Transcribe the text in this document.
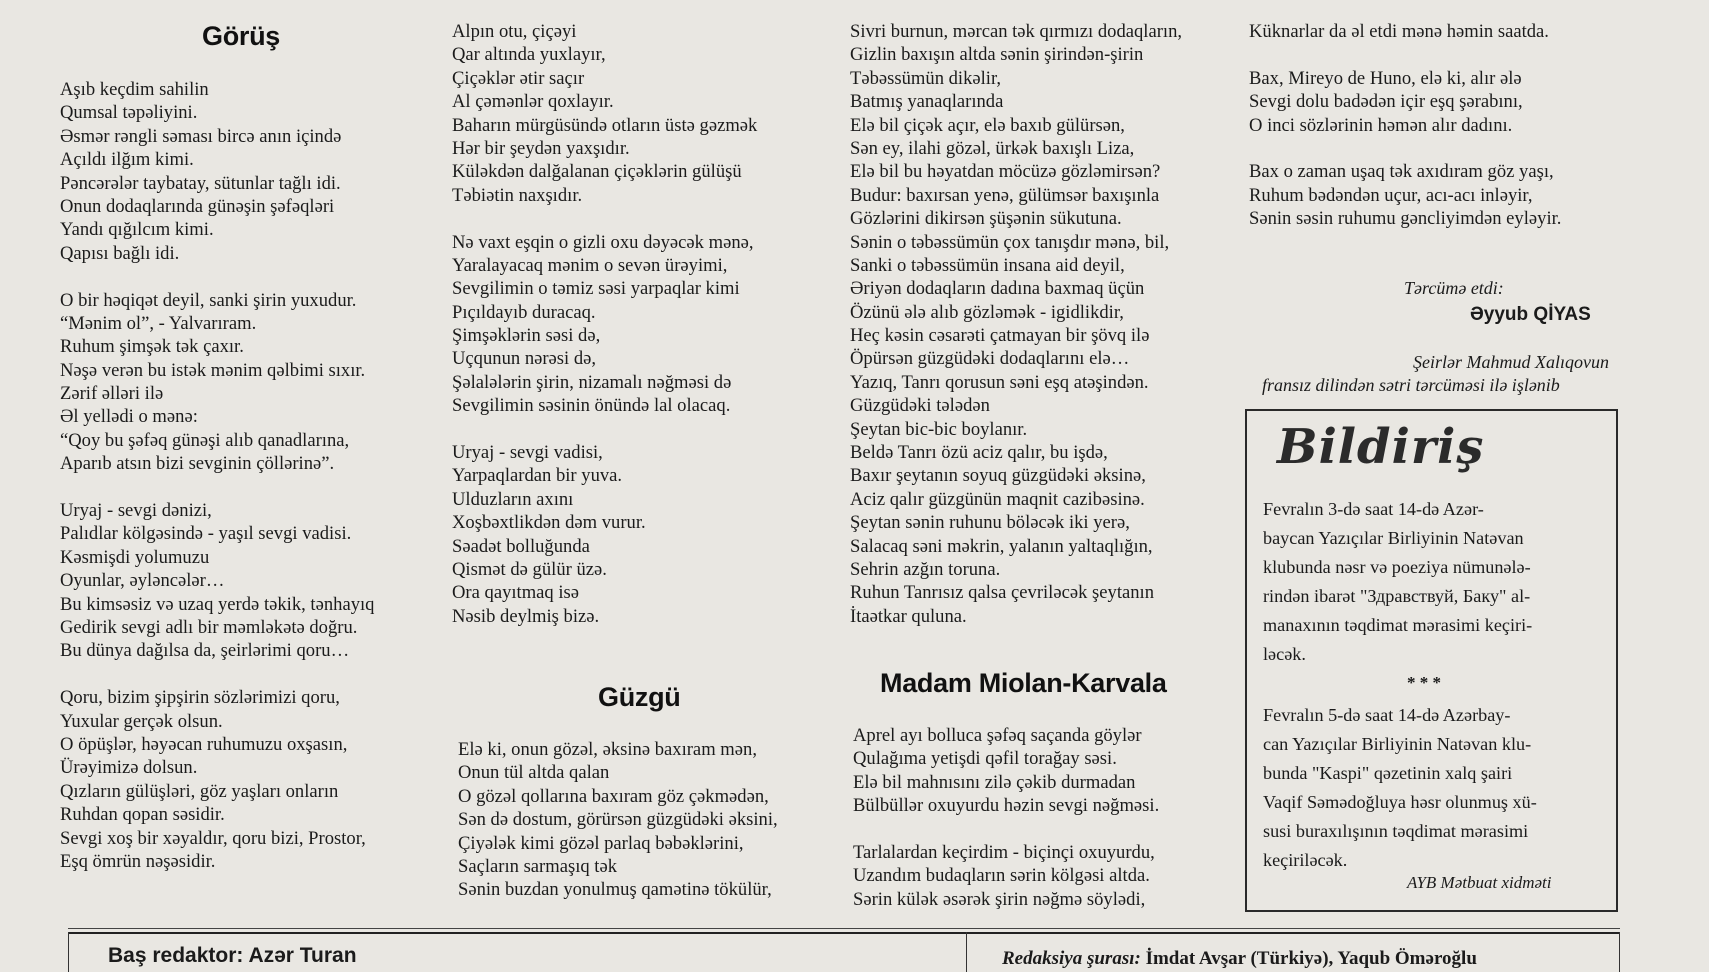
Görüş
Aşıb keçdim sahilin
Qumsal təpəliyini.
Əsmər rəngli səması bircə anın içində
Açıldı ilğım kimi.
Pəncərələr taybatay, sütunlar tağlı idi.
Onun dodaqlarında günəşin şəfəqləri
Yandı qığılcım kimi.
Qapısı bağlı idi.
O bir həqiqət deyil, sanki şirin yuxudur.
“Mənim ol”, - Yalvarıram.
Ruhum şimşək tək çaxır.
Nəşə verən bu istək mənim qəlbimi sıxır.
Zərif əlləri ilə
Əl yellədi o mənə:
“Qoy bu şəfəq günəşi alıb qanadlarına,
Aparıb atsın bizi sevginin çöllərinə”.
Uryaj - sevgi dənizi,
Palıdlar kölgəsində - yaşıl sevgi vadisi.
Kəsmişdi yolumuzu
Oyunlar, əyləncələr…
Bu kimsəsiz və uzaq yerdə təkik, tənhayıq
Gedirik sevgi adlı bir məmləkətə doğru.
Bu dünya dağılsa da, şeirlərimi qoru…
Qoru, bizim şipşirin sözlərimizi qoru,
Yuxular gerçək olsun.
O öpüşlər, həyəcan ruhumuzu oxşasın,
Ürəyimizə dolsun.
Qızların gülüşləri, göz yaşları onların
Ruhdan qopan səsidir.
Sevgi xoş bir xəyaldır, qoru bizi, Prostor,
Eşq ömrün nəşəsidir.
Alpın otu, çiçəyi
Qar altında yuxlayır,
Çiçəklər ətir saçır
Al çəmənlər qoxlayır.
Baharın mürgüsündə otların üstə gəzmək
Hər bir şeydən yaxşıdır.
Küləkdən dalğalanan çiçəklərin gülüşü
Təbiətin naxşıdır.
Nə vaxt eşqin o gizli oxu dəyəcək mənə,
Yaralayacaq mənim o sevən ürəyimi,
Sevgilimin o təmiz səsi yarpaqlar kimi
Pıçıldayıb duracaq.
Şimşəklərin səsi də,
Uçqunun nərəsi də,
Şəlalələrin şirin, nizamalı nəğməsi də
Sevgilimin səsinin önündə lal olacaq.
Uryaj - sevgi vadisi,
Yarpaqlardan bir yuva.
Ulduzların axını
Xoşbəxtlikdən dəm vurur.
Səadət bolluğunda
Qismət də gülür üzə.
Ora qayıtmaq isə
Nəsib deylmiş bizə.
Güzgü
Elə ki, onun gözəl, əksinə baxıram mən,
Onun tül altda qalan
O gözəl qollarına baxıram göz çəkmədən,
Sən də dostum, görürsən güzgüdəki əksini,
Çiyələk kimi gözəl parlaq bəbəklərini,
Saçların sarmaşıq tək
Sənin buzdan yonulmuş qamətinə tökülür,
Sivri burnun, mərcan tək qırmızı dodaqların,
Gizlin baxışın altda sənin şirindən-şirin
Təbəssümün dikəlir,
Batmış yanaqlarında
Elə bil çiçək açır, elə baxıb gülürsən,
Sən ey, ilahi gözəl, ürkək baxışlı Liza,
Elə bil bu həyatdan möcüzə gözləmirsən?
Budur: baxırsan yenə, gülümsər baxışınla
Gözlərini dikirsən şüşənin sükutuna.
Sənin o təbəssümün çox tanışdır mənə, bil,
Sanki o təbəssümün insana aid deyil,
Əriyən dodaqların dadına baxmaq üçün
Özünü ələ alıb gözləmək - igidlikdir,
Heç kəsin cəsarəti çatmayan bir şövq ilə
Öpürsən güzgüdəki dodaqlarını elə…
Yazıq, Tanrı qorusun səni eşq atəşindən.
Güzgüdəki tələdən
Şeytan bic-bic boylanır.
Beldə Tanrı özü aciz qalır, bu işdə,
Baxır şeytanın soyuq güzgüdəki əksinə,
Aciz qalır güzgünün maqnit cazibəsinə.
Şeytan sənin ruhunu böləcək iki yerə,
Salacaq səni məkrin, yalanın yaltaqlığın,
Sehrin azğın toruna.
Ruhun Tanrısız qalsa çevriləcək şeytanın
İtaətkar quluna.
Madam Miolan-Karvala
Aprel ayı bolluca şəfəq saçanda göylər
Qulağıma yetişdi qəfil torağay səsi.
Elə bil mahnısını zilə çəkib durmadan
Bülbüllər oxuyurdu həzin sevgi nəğməsi.
Tarlalardan keçirdim - biçinçi oxuyurdu,
Uzandım budaqların sərin kölgəsi altda.
Sərin külək əsərək şirin nəğmə söylədi,
Küknarlar da əl etdi mənə həmin saatda.
Bax, Mireyo de Huno, elə ki, alır ələ
Sevgi dolu badədən içir eşq şərabını,
O inci sözlərinin həmən alır dadını.
Bax o zaman uşaq tək axıdıram göz yaşı,
Ruhum bədəndən uçur, acı-acı inləyir,
Sənin səsin ruhumu gəncliyimdən eyləyir.
Tərcümə etdi:
Əyyub QİYAS
Şeirlər Mahmud Xalıqovun
fransız dilindən sətri tərcüməsi ilə işlənib
Bildiriş
Fevralın 3-də saat 14-də Azər-
baycan Yazıçılar Birliyinin Natəvan
klubunda nəsr və poeziya nümunələ-
rindən ibarət "Здравствуй, Баку" al-
manaxının təqdimat mərasimi keçiri-
ləcək.
* * *
Fevralın 5-də saat 14-də Azərbay-
can Yazıçılar Birliyinin Natəvan klu-
bunda "Kaspi" qəzetinin xalq şairi
Vaqif Səmədoğluya həsr olunmuş xü-
susi buraxılışının təqdimat mərasimi
keçiriləcək.
AYB Mətbuat xidməti
Baş redaktor: Azər Turan	Redaksiya şurası: İmdat Avşar (Türkiyə), Yaqub Öməroğlu
